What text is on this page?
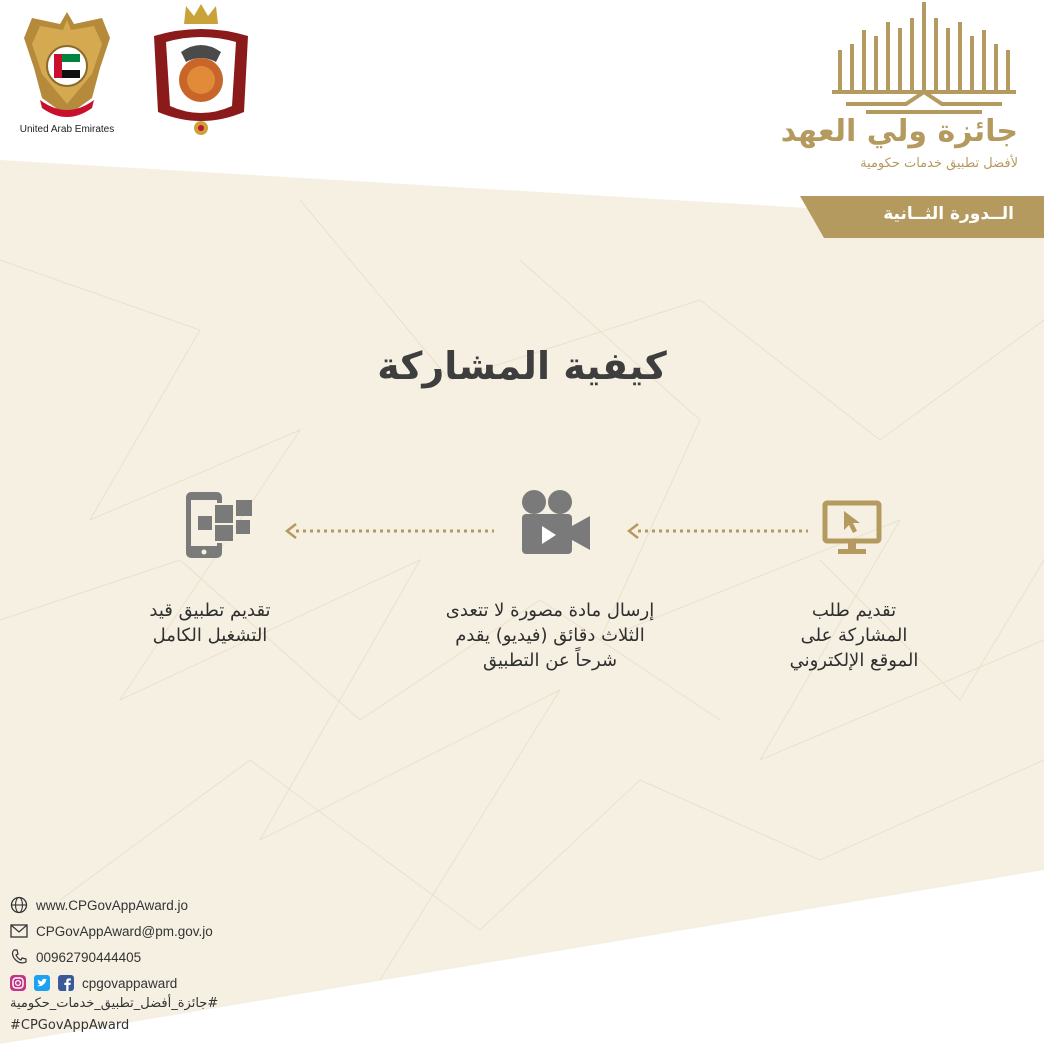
United Arab Emirates	جائزة ولي العهد
لأفضل تطبيق خدمات حكومية
الــدورة الثــانية
كيفية المشاركة
تقديم طلب
المشاركة على
الموقع الإلكتروني
إرسال مادة مصورة لا تتعدى
الثلاث دقائق (فيديو) يقدم
شرحاً عن التطبيق
تقديم تطبيق قيد
التشغيل الكامل
www.CPGovAppAward.jo
CPGovAppAward@pm.gov.jo
00962790444405
cpgovappaward
جائزة_أفضل_تطبيق_خدمات_حكومية#
#CPGovAppAward
